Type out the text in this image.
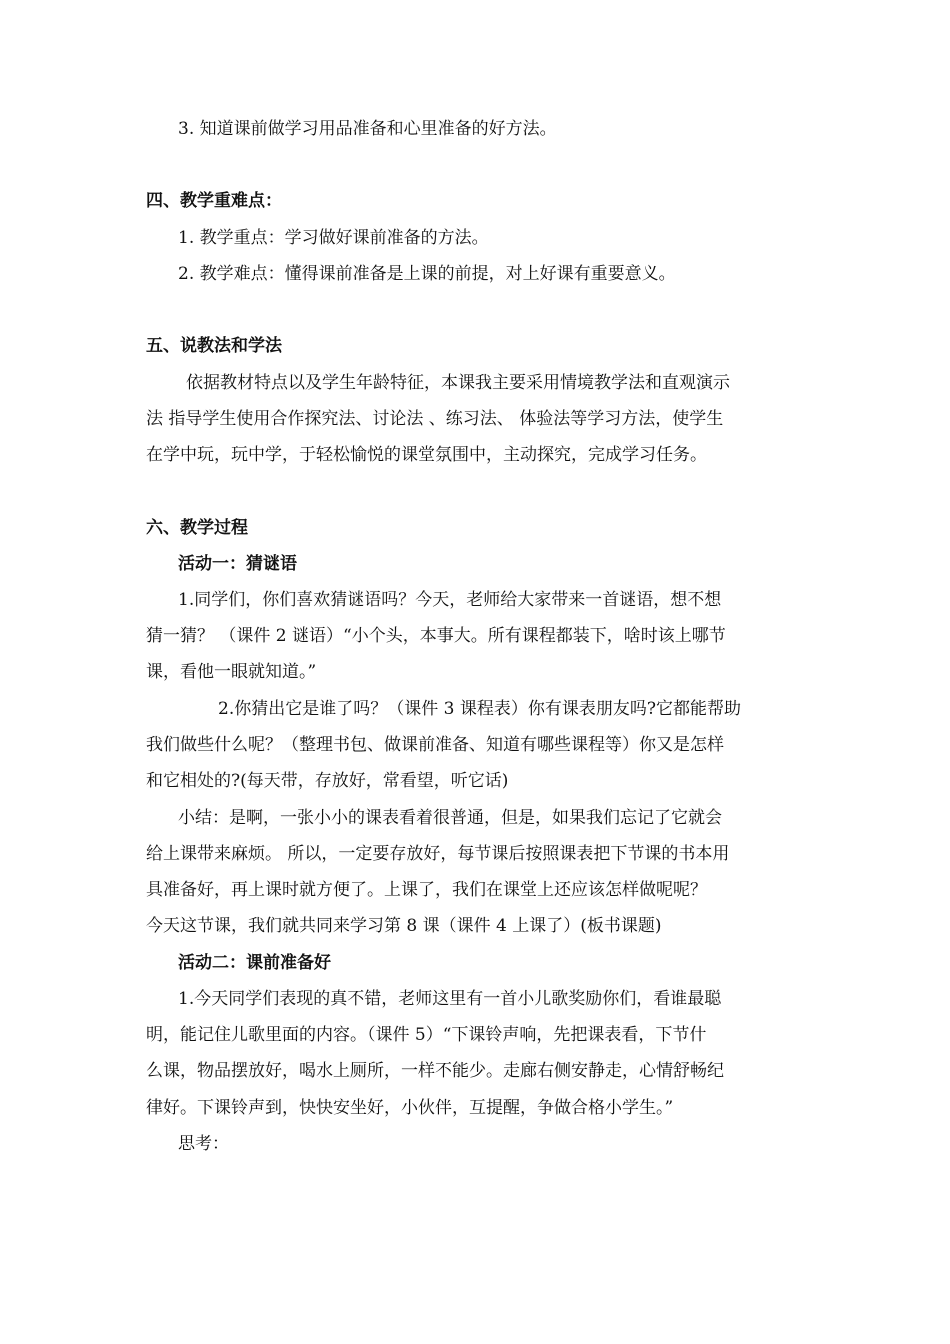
3. 知道课前做学习用品准备和心里准备的好方法。
四、教学重难点：
1. 教学重点：学习做好课前准备的方法。
2. 教学难点：懂得课前准备是上课的前提，对上好课有重要意义。
五、说教法和学法
依据教材特点以及学生年龄特征，本课我主要采用情境教学法和直观演示
法 指导学生使用合作探究法、讨论法 、练习法、 体验法等学习方法，使学生
在学中玩，玩中学，于轻松愉悦的课堂氛围中，主动探究，完成学习任务。
六、教学过程
活动一：猜谜语
1.同学们，你们喜欢猜谜语吗？今天，老师给大家带来一首谜语，想不想
猜一猜？ （课件 2 谜语）“小个头，本事大。所有课程都装下，啥时该上哪节
课，看他一眼就知道。”
2.你猜出它是谁了吗？（课件 3 课程表）你有课表朋友吗?它都能帮助
我们做些什么呢？（整理书包、做课前准备、知道有哪些课程等）你又是怎样
和它相处的?(每天带，存放好，常看望，听它话)
小结：是啊，一张小小的课表看着很普通，但是，如果我们忘记了它就会
给上课带来麻烦。 所以，一定要存放好，每节课后按照课表把下节课的书本用
具准备好，再上课时就方便了。上课了，我们在课堂上还应该怎样做呢呢？
今天这节课，我们就共同来学习第 8 课（课件 4 上课了）(板书课题)
活动二：课前准备好
1.今天同学们表现的真不错，老师这里有一首小儿歌奖励你们，看谁最聪
明，能记住儿歌里面的内容。（课件 5）“下课铃声响，先把课表看，下节什
么课，物品摆放好，喝水上厕所，一样不能少。走廊右侧安静走，心情舒畅纪
律好。下课铃声到，快快安坐好，小伙伴，互提醒，争做合格小学生。”
思考：
